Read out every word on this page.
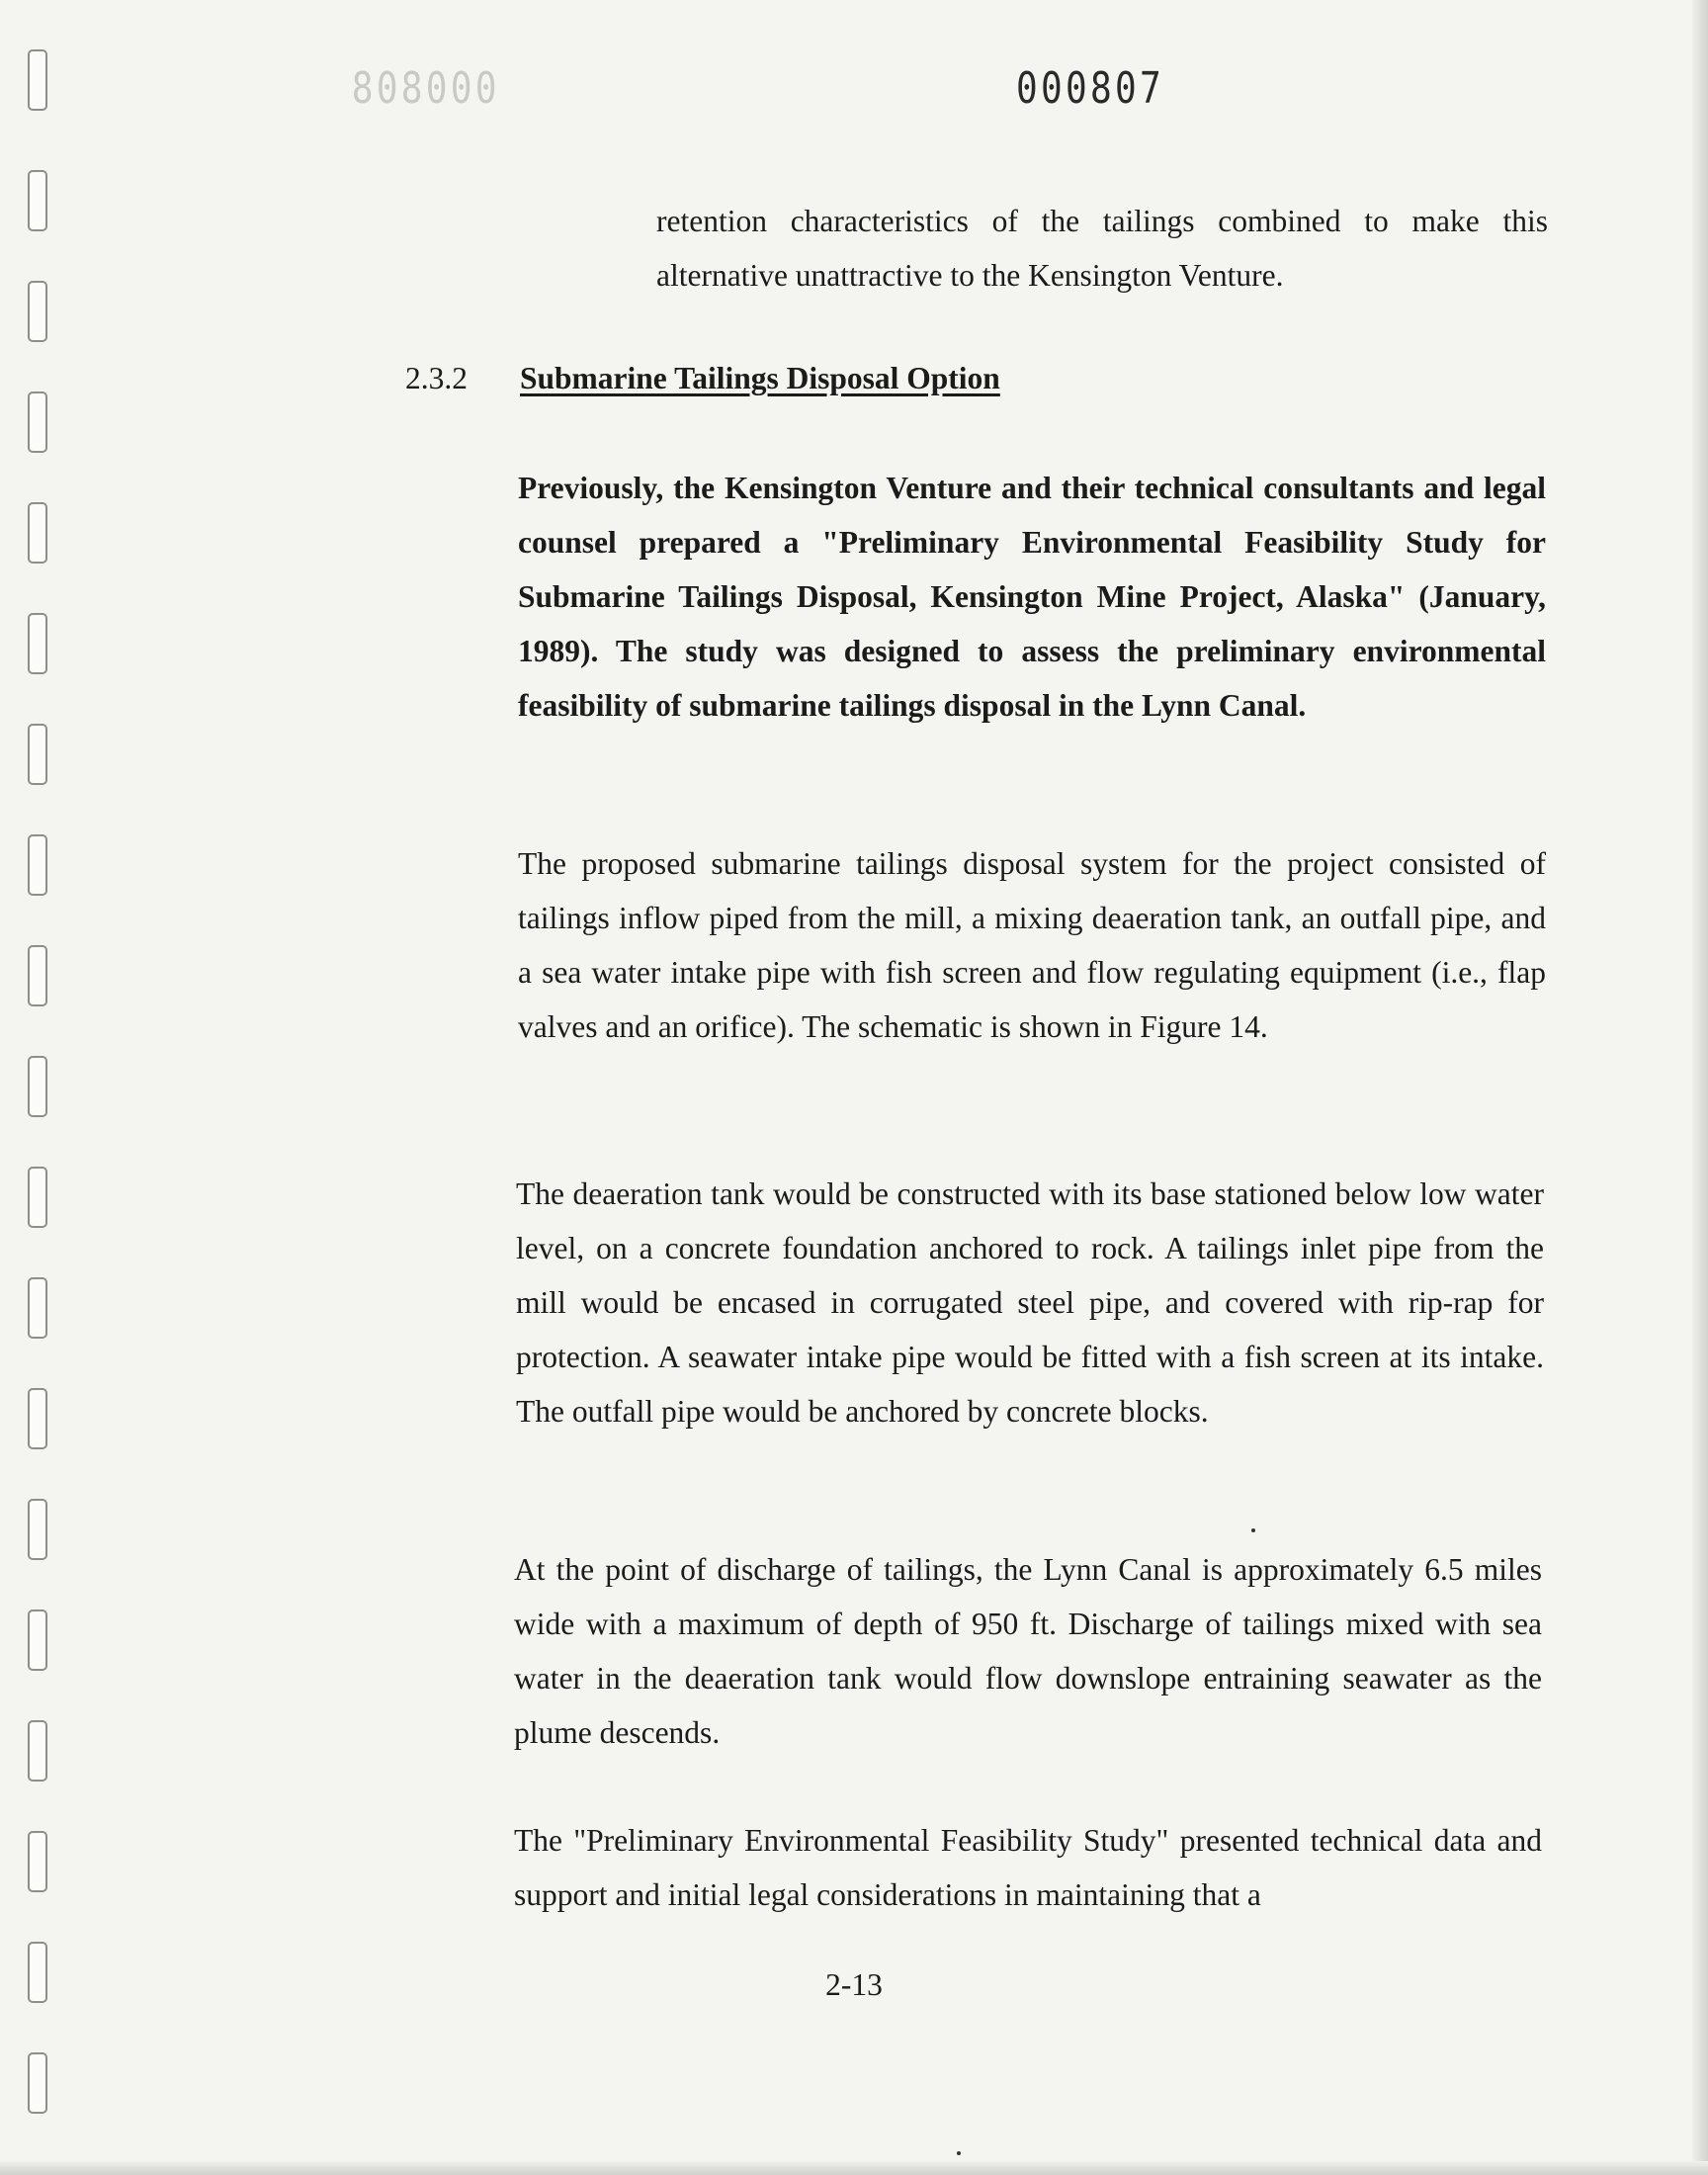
000808	000807

retention characteristics of the tailings combined to make this alternative unattractive to the Kensington Venture.

2.3.2 Submarine Tailings Disposal Option

Previously, the Kensington Venture and their technical consultants and legal counsel prepared a "Preliminary Environmental Feasibility Study for Submarine Tailings Disposal, Kensington Mine Project, Alaska" (January, 1989). The study was designed to assess the preliminary environmental feasibility of submarine tailings disposal in the Lynn Canal.

The proposed submarine tailings disposal system for the project consisted of tailings inflow piped from the mill, a mixing deaeration tank, an outfall pipe, and a sea water intake pipe with fish screen and flow regulating equipment (i.e., flap valves and an orifice). The schematic is shown in Figure 14.

The deaeration tank would be constructed with its base stationed below low water level, on a concrete foundation anchored to rock. A tailings inlet pipe from the mill would be encased in corrugated steel pipe, and covered with rip-rap for protection. A seawater intake pipe would be fitted with a fish screen at its intake. The outfall pipe would be anchored by concrete blocks.

At the point of discharge of tailings, the Lynn Canal is approximately 6.5 miles wide with a maximum of depth of 950 ft. Discharge of tailings mixed with sea water in the deaeration tank would flow downslope entraining seawater as the plume descends.

The "Preliminary Environmental Feasibility Study" presented technical data and support and initial legal considerations in maintaining that a

2-13
